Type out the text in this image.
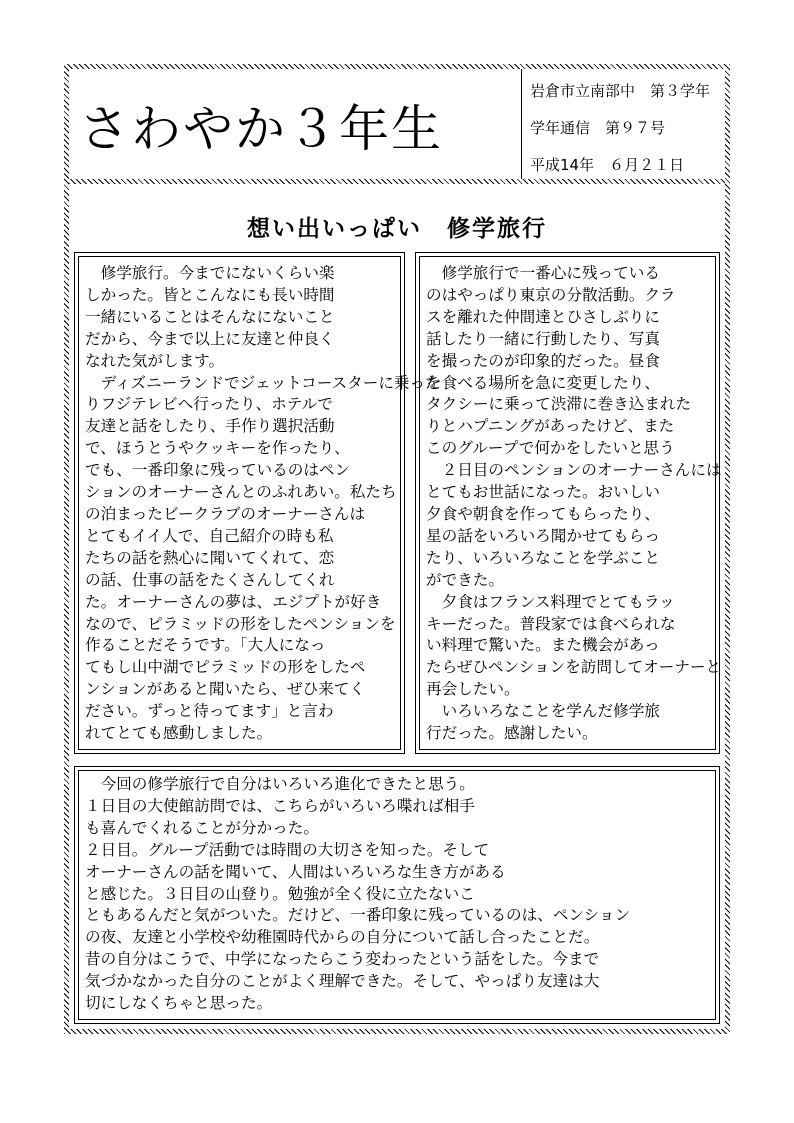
さわやか３年生
岩倉市立南部中　第３学年
学年通信　第９７号
平成14年　６月２１日
想い出いっぱい　修学旅行

　修学旅行。今までにないくらい楽

しかった。皆とこんなにも長い時間

一緒にいることはそんなにないこと

だから、今まで以上に友達と仲良く

なれた気がします。

　ディズニーランドでジェットコースターに乗った

りフジテレビへ行ったり、ホテルで

友達と話をしたり、手作り選択活動

で、ほうとうやクッキーを作ったり、

でも、一番印象に残っているのはペン

ションのオーナーさんとのふれあい。私たち

の泊まったビークラブのオーナーさんは

とてもイイ人で、自己紹介の時も私

たちの話を熱心に聞いてくれて、恋

の話、仕事の話をたくさんしてくれ

た。オーナーさんの夢は、エジプトが好き

なので、ピラミッドの形をしたペンションを

作ることだそうです。「大人になっ

てもし山中湖でピラミッドの形をしたペ

ンションがあると聞いたら、ぜひ来てく

ださい。ずっと待ってます」と言わ

れてとても感動しました。

　修学旅行で一番心に残っている

のはやっぱり東京の分散活動。クラ

スを離れた仲間達とひさしぶりに

話したり一緒に行動したり、写真

を撮ったのが印象的だった。昼食

を食べる場所を急に変更したり、

タクシーに乗って渋滞に巻き込まれた

りとハプニングがあったけど、また

このグループで何かをしたいと思う

　２日目のペンションのオーナーさんには

とてもお世話になった。おいしい

夕食や朝食を作ってもらったり、

星の話をいろいろ聞かせてもらっ

たり、いろいろなことを学ぶこと

ができた。

　夕食はフランス料理でとてもラッ

キーだった。普段家では食べられな

い料理で驚いた。また機会があっ

たらぜひペンションを訪問してオーナーと

再会したい。

　いろいろなことを学んだ修学旅

行だった。感謝したい。

　今回の修学旅行で自分はいろいろ進化できたと思う。

１日目の大使館訪問では、こちらがいろいろ喋れば相手

も喜んでくれることが分かった。

２日目。グループ活動では時間の大切さを知った。そして

オーナーさんの話を聞いて、人間はいろいろな生き方がある

と感じた。３日目の山登り。勉強が全く役に立たないこ

ともあるんだと気がついた。だけど、一番印象に残っているのは、ペンション

の夜、友達と小学校や幼稚園時代からの自分について話し合ったことだ。

昔の自分はこうで、中学になったらこう変わったという話をした。今まで

気づかなかった自分のことがよく理解できた。そして、やっぱり友達は大

切にしなくちゃと思った。
